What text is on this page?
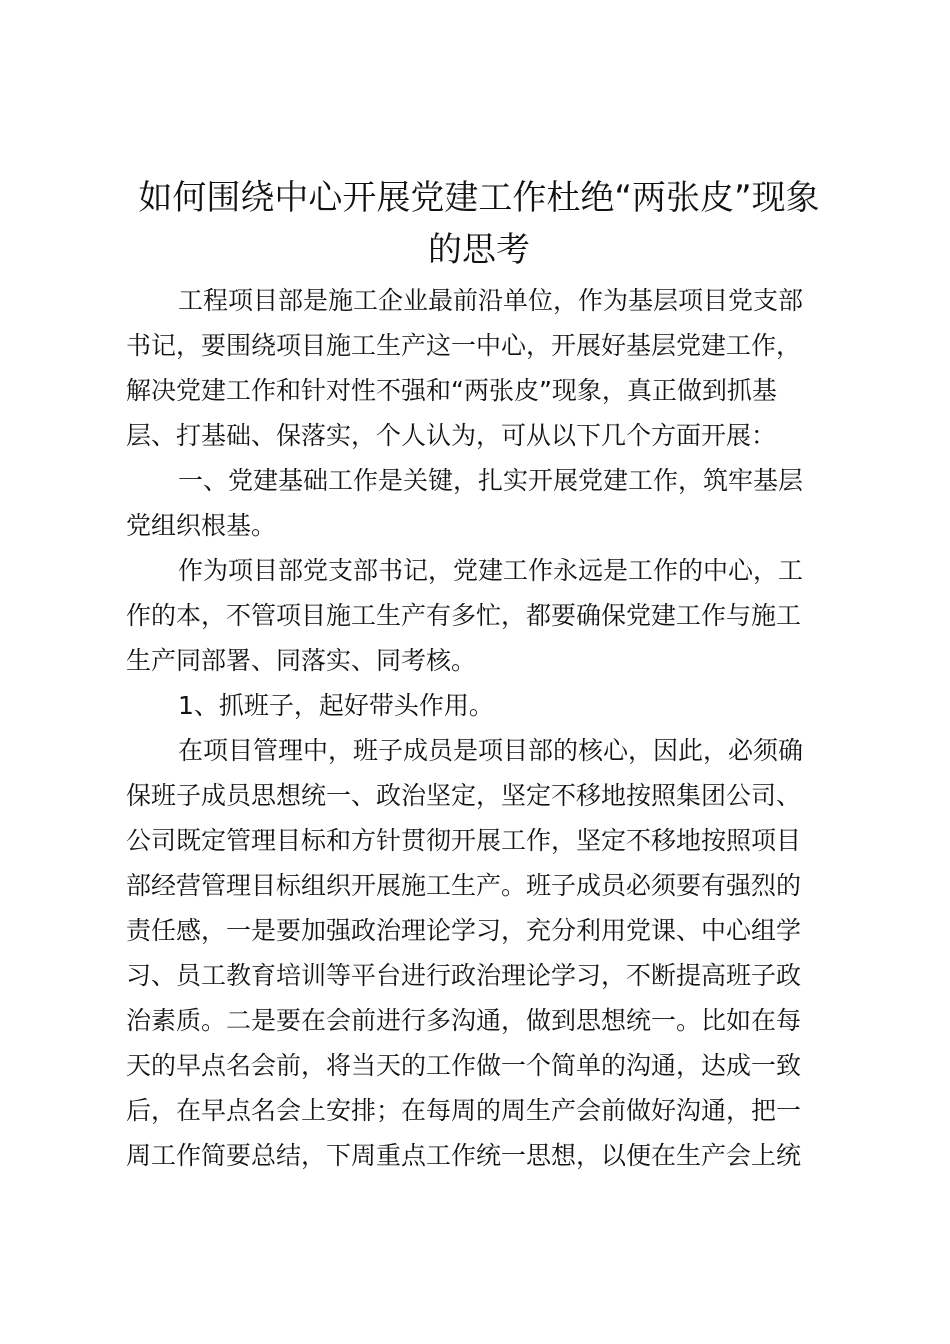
如何围绕中心开展党建工作杜绝“两张皮”现象
的思考
工程项目部是施工企业最前沿单位，作为基层项目党支部
书记，要围绕项目施工生产这一中心，开展好基层党建工作，
解决党建工作和针对性不强和“两张皮”现象，真正做到抓基
层、打基础、保落实，个人认为，可从以下几个方面开展：
一、党建基础工作是关键，扎实开展党建工作，筑牢基层
党组织根基。
作为项目部党支部书记，党建工作永远是工作的中心，工
作的本，不管项目施工生产有多忙，都要确保党建工作与施工
生产同部署、同落实、同考核。
1、抓班子，起好带头作用。
在项目管理中，班子成员是项目部的核心，因此，必须确
保班子成员思想统一、政治坚定，坚定不移地按照集团公司、
公司既定管理目标和方针贯彻开展工作，坚定不移地按照项目
部经营管理目标组织开展施工生产。班子成员必须要有强烈的
责任感，一是要加强政治理论学习，充分利用党课、中心组学
习、员工教育培训等平台进行政治理论学习，不断提高班子政
治素质。二是要在会前进行多沟通，做到思想统一。比如在每
天的早点名会前，将当天的工作做一个简单的沟通，达成一致
后，在早点名会上安排；在每周的周生产会前做好沟通，把一
周工作简要总结，下周重点工作统一思想，以便在生产会上统
